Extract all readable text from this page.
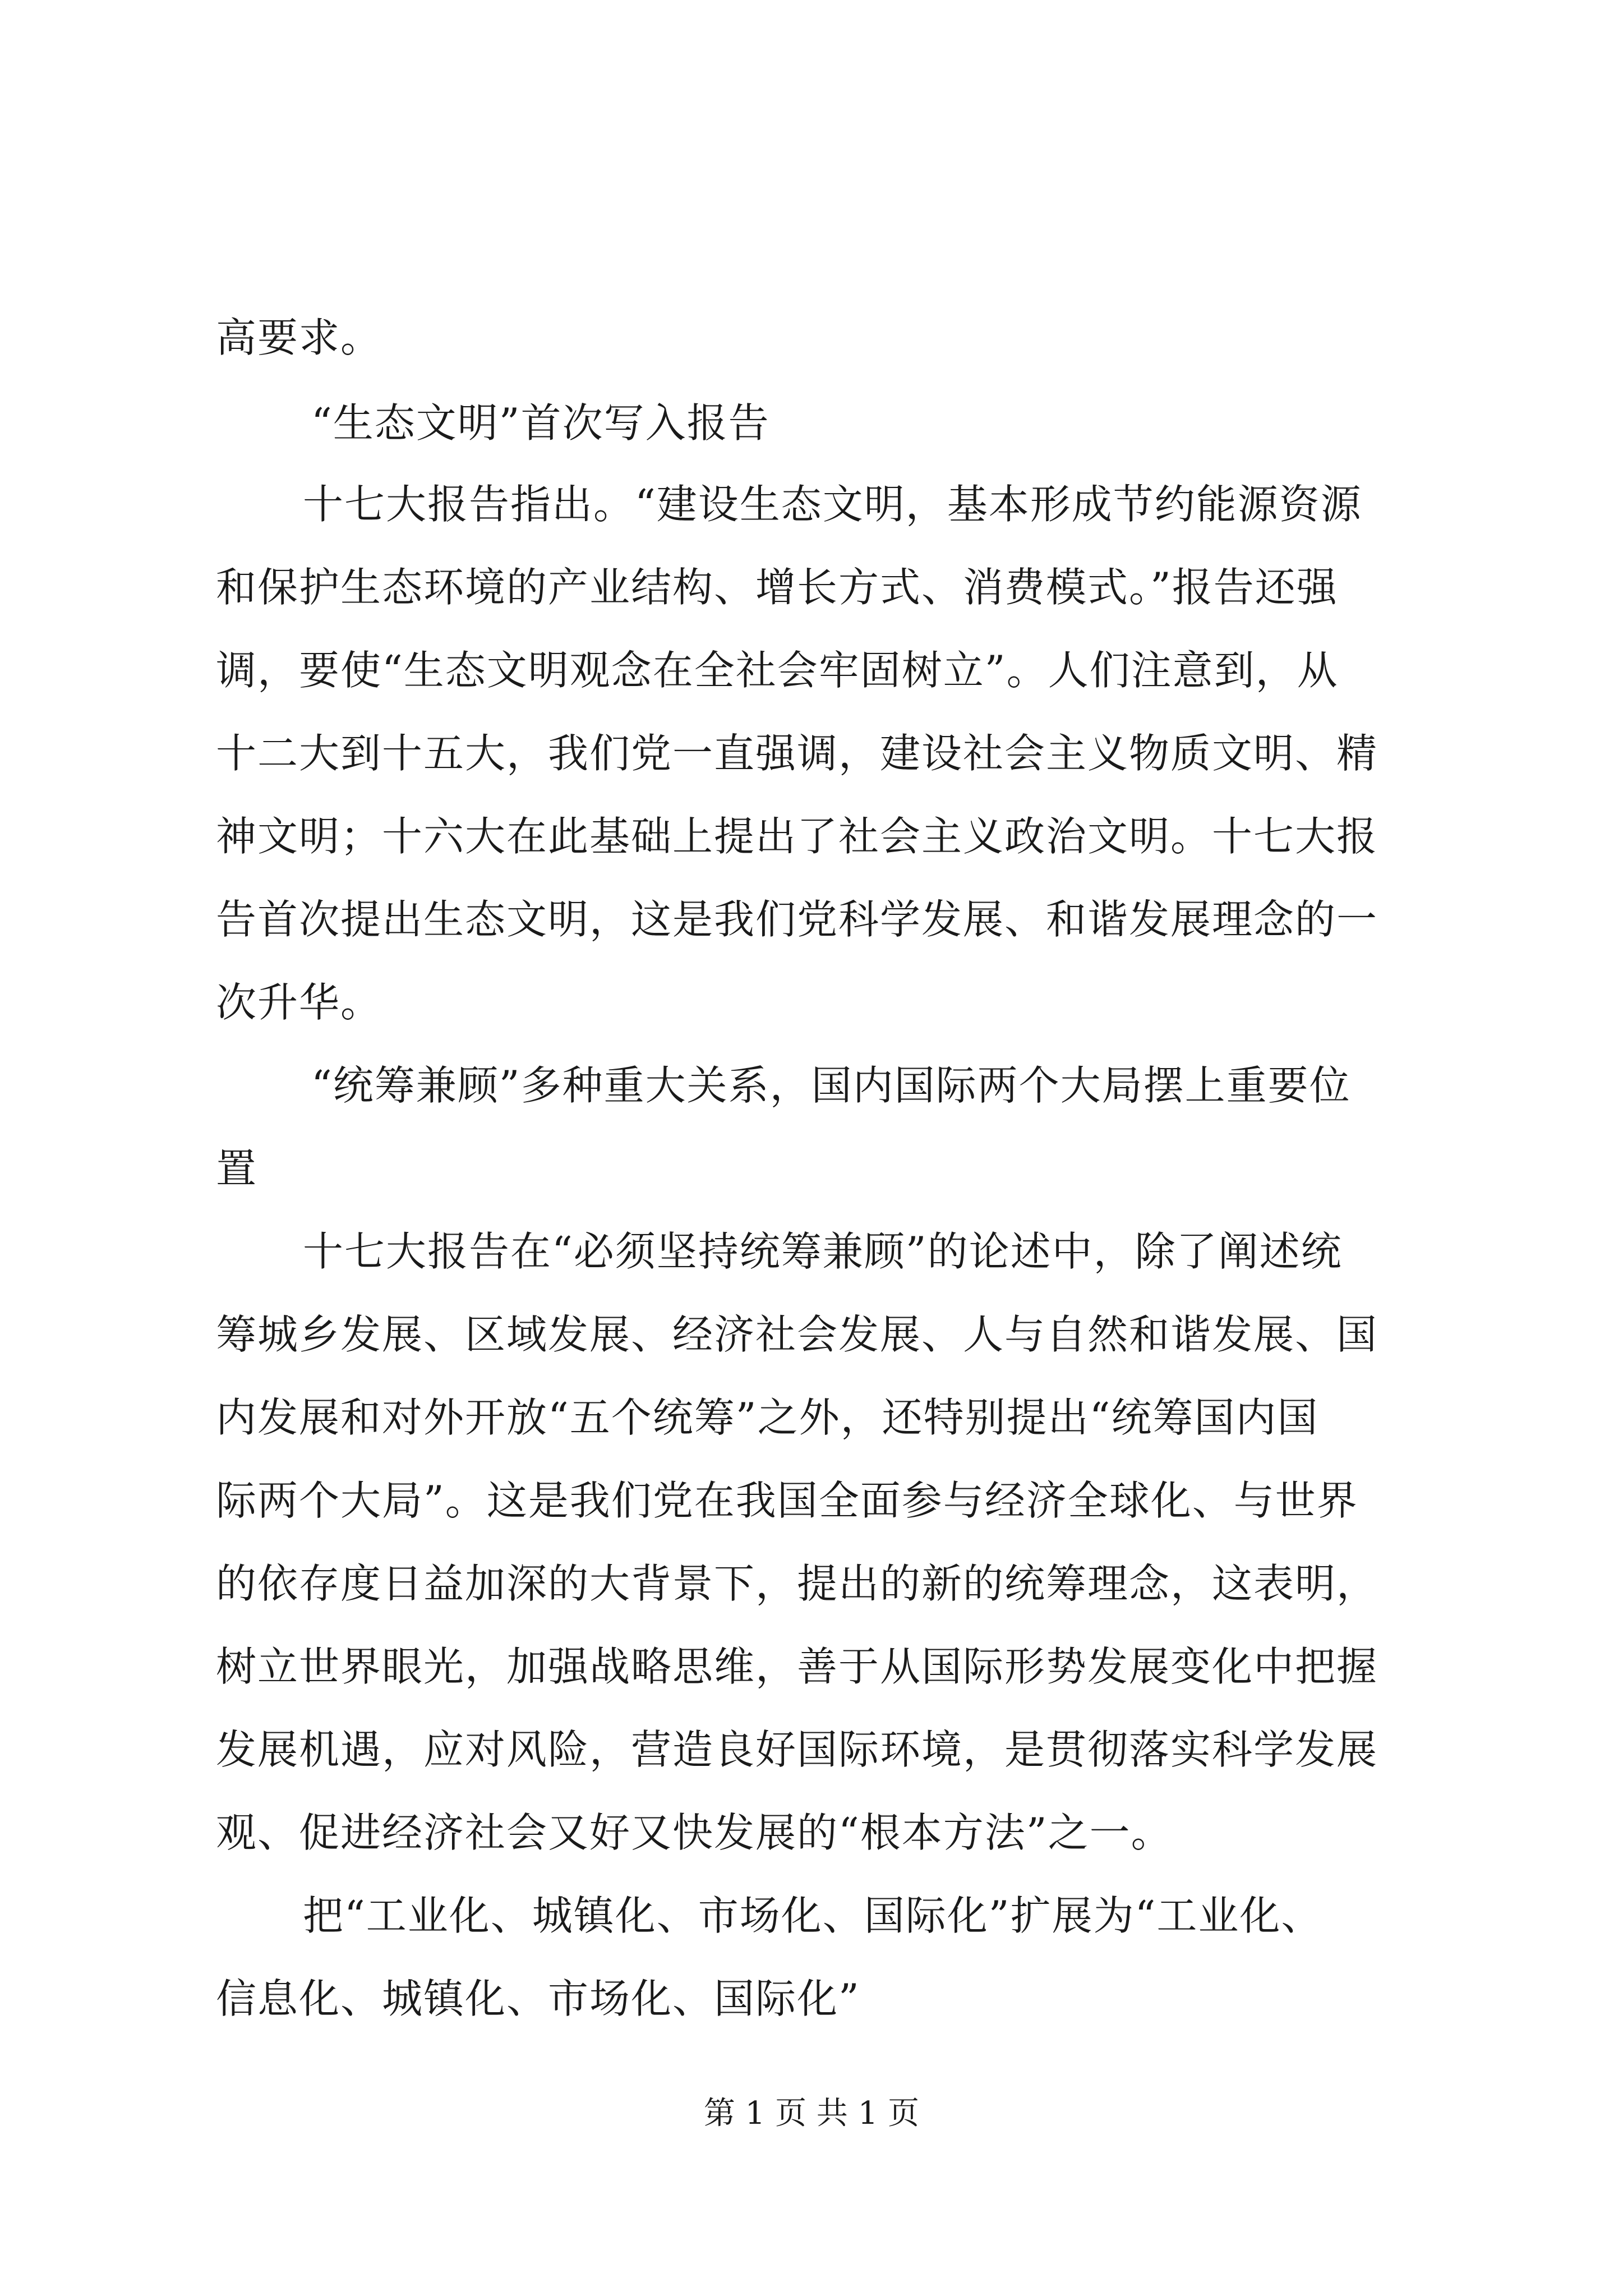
高要求。
“生态文明”首次写入报告
十七大报告指出。“建设生态文明，基本形成节约能源资源
和保护生态环境的产业结构、增长方式、消费模式。”报告还强
调，要使“生态文明观念在全社会牢固树立”。人们注意到，从
十二大到十五大，我们党一直强调，建设社会主义物质文明、精
神文明；十六大在此基础上提出了社会主义政治文明。十七大报
告首次提出生态文明，这是我们党科学发展、和谐发展理念的一
次升华。
“统筹兼顾”多种重大关系，国内国际两个大局摆上重要位
置
十七大报告在“必须坚持统筹兼顾”的论述中，除了阐述统
筹城乡发展、区域发展、经济社会发展、人与自然和谐发展、国
内发展和对外开放“五个统筹”之外，还特别提出“统筹国内国
际两个大局”。这是我们党在我国全面参与经济全球化、与世界
的依存度日益加深的大背景下，提出的新的统筹理念，这表明，
树立世界眼光，加强战略思维，善于从国际形势发展变化中把握
发展机遇，应对风险，营造良好国际环境，是贯彻落实科学发展
观、促进经济社会又好又快发展的“根本方法”之一。
把“工业化、城镇化、市场化、国际化”扩展为“工业化、
信息化、城镇化、市场化、国际化”
第 1 页 共 1 页
